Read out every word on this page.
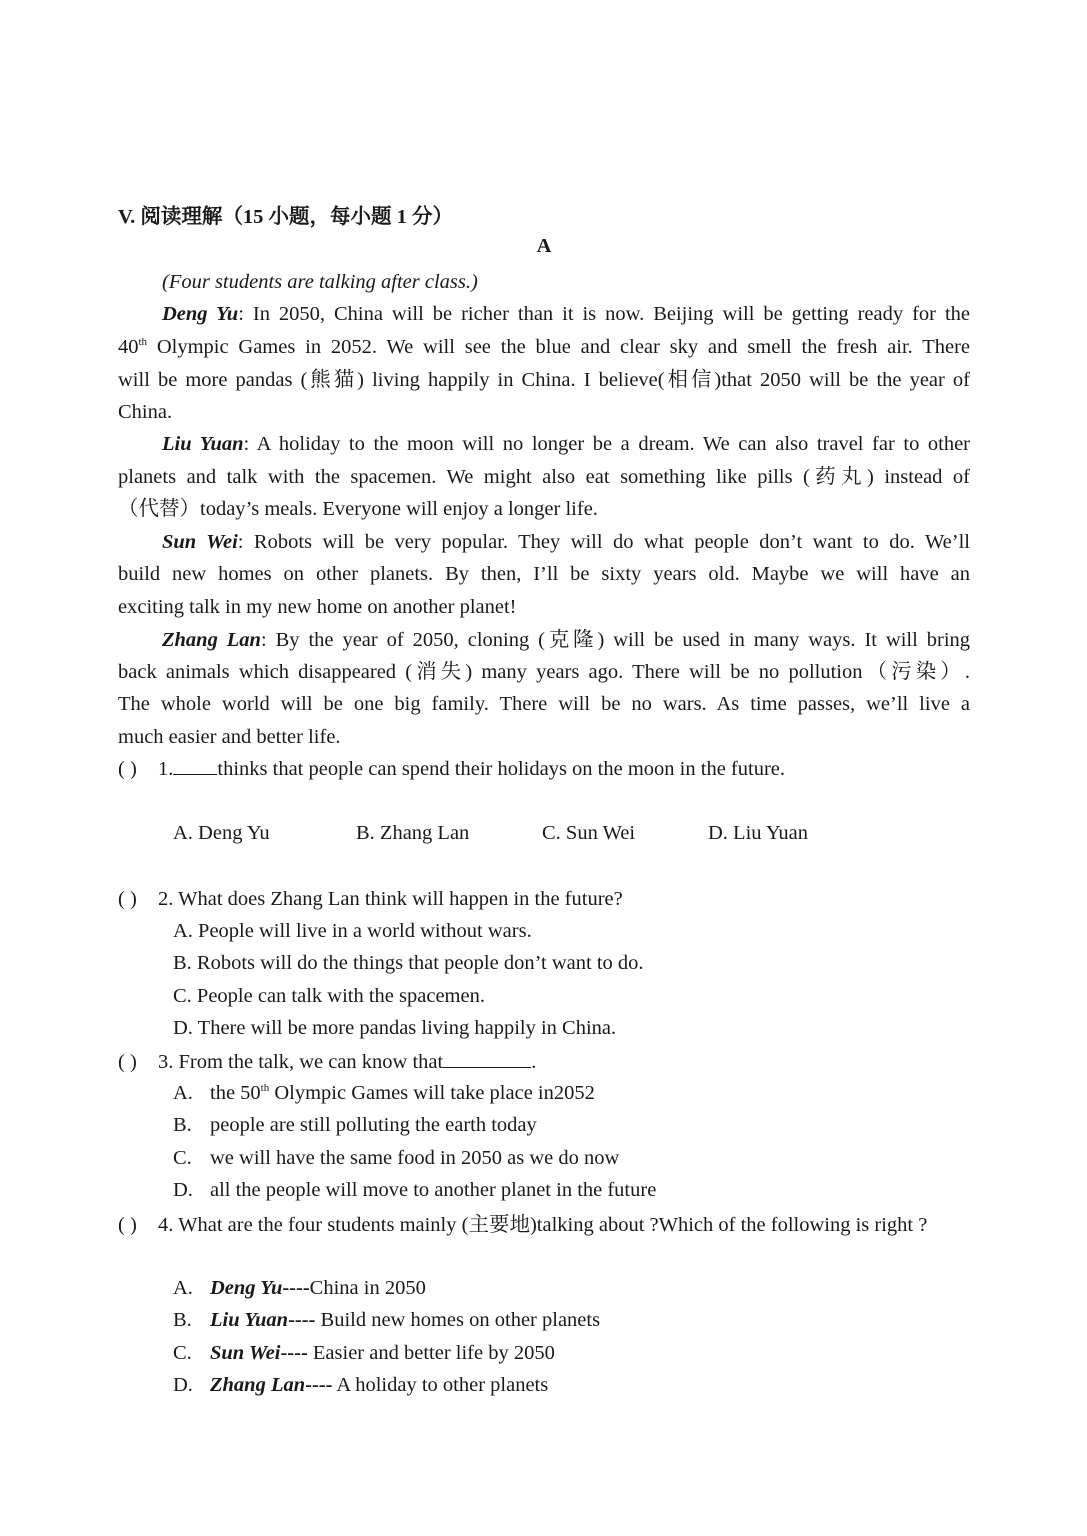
V. 阅读理解（15 小题，每小题 1 分）
A
(Four students are talking after class.)
Deng Yu: In 2050, China will be richer than it is now. Beijing will be getting ready for the
40th Olympic Games in 2052. We will see the blue and clear sky and smell the fresh air. There
will be more pandas (熊猫) living happily in China. I believe(相信)that 2050 will be the year of
China.
Liu Yuan: A holiday to the moon will no longer be a dream. We can also travel far to other
planets and talk with the spacemen. We might also eat something like pills (药丸) instead of
（代替）today’s meals. Everyone will enjoy a longer life.
Sun Wei: Robots will be very popular. They will do what people don’t want to do. We’ll
build new homes on other planets. By then, I’ll be sixty years old. Maybe we will have an
exciting talk in my new home on another planet!
Zhang Lan: By the year of 2050, cloning (克隆) will be used in many ways. It will bring
back animals which disappeared (消失) many years ago. There will be no pollution（污染）.
The whole world will be one big family. There will be no wars. As time passes, we’ll live a
much easier and better life.
( ) 1. thinks that people can spend their holidays on the moon in the future.
A. Deng Yu	B. Zhang Lan	C. Sun Wei	D. Liu Yuan
( ) 2. What does Zhang Lan think will happen in the future?
A. People will live in a world without wars.
B. Robots will do the things that people don’t want to do.
C. People can talk with the spacemen.
D. There will be more pandas living happily in China.
( ) 3. From the talk, we can know that	.
A. the 50th Olympic Games will take place in2052
B. people are still polluting the earth today
C. we will have the same food in 2050 as we do now
D. all the people will move to another planet in the future
( ) 4. What are the four students mainly (主要地)talking about ?Which of the following is right ?
A. Deng Yu----China in 2050
B. Liu Yuan---- Build new homes on other planets
C. Sun Wei---- Easier and better life by 2050
D. Zhang Lan---- A holiday to other planets
